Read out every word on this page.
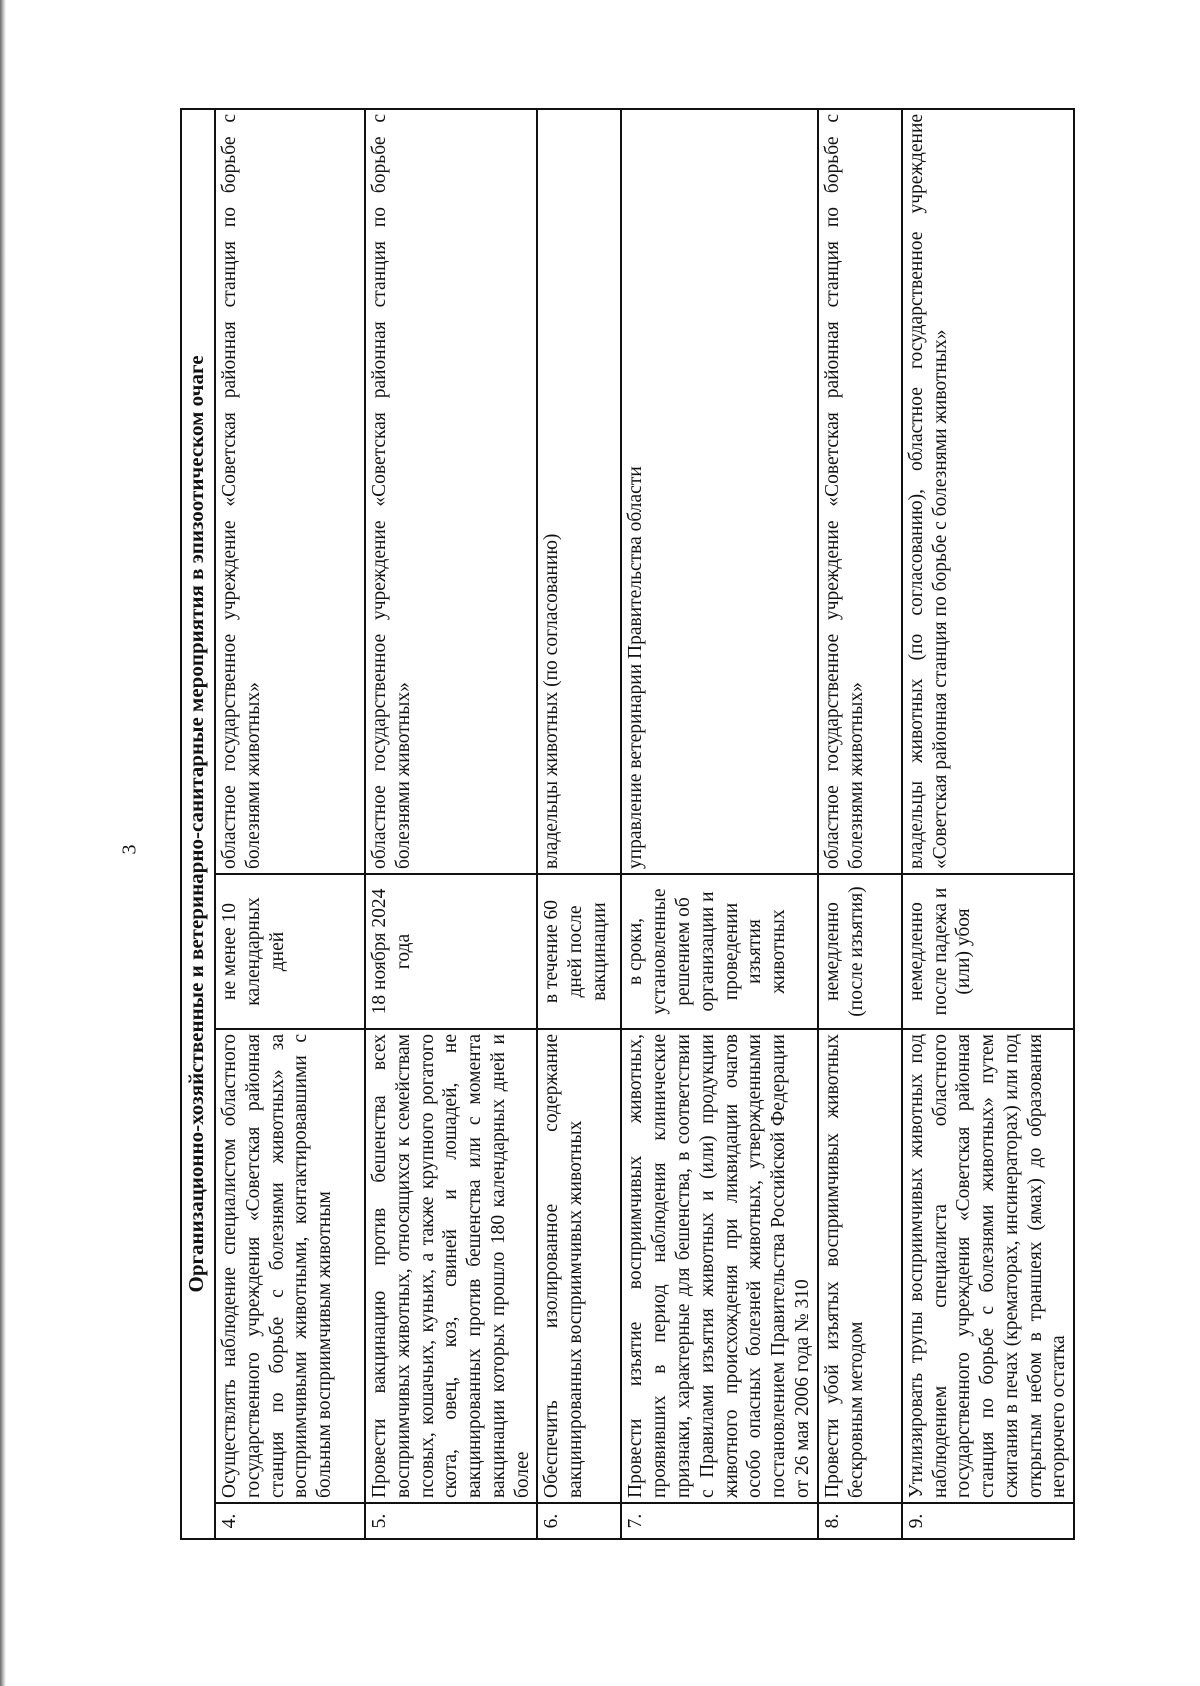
3 Организационно-хозяйственные и ветеринарно-санитарные мероприятия в эпизоотическом очаге			
4.	Осуществлять наблюдение специалистом областного государственного учреждения «Советская районная станция по борьбе с болезнями животных» за восприимчивыми животными, контактировавшими с больным восприимчивым животным	не менее 10 календарных дней	областное государственное учреждение «Советская районная станция по борьбе с болезнями животных»
5.	Провести вакцинацию против бешенства всех восприимчивых животных, относящихся к семействам псовых, кошачьих, куньих, а также крупного рогатого скота, овец, коз, свиней и лошадей, не вакцинированных против бешенства или с момента вакцинации которых прошло 180 календарных дней и более	18 ноября 2024 года	областное государственное учреждение «Советская районная станция по борьбе с болезнями животных»
6.	Обеспечить изолированное содержание вакцинированных восприимчивых животных	в течение 60 дней после вакцинации	владельцы животных (по согласованию)
7.	Провести изъятие восприимчивых животных, проявивших в период наблюдения клинические признаки, характерные для бешенства, в соответствии с Правилами изъятия животных и (или) продукции животного происхождения при ликвидации очагов особо опасных болезней животных, утвержденными постановлением Правительства Российской Федерации от 26 мая 2006 года № 310	в сроки, установленные решением об организации и проведении изъятия животных	управление ветеринарии Правительства области
8.	Провести убой изъятых восприимчивых животных бескровным методом	немедленно (после изъятия)	областное государственное учреждение «Советская районная станция по борьбе с болезнями животных»
9.	Утилизировать трупы восприимчивых животных под наблюдением специалиста областного государственного учреждения «Советская районная станция по борьбе с болезнями животных» путем сжигания в печах (крематорах, инсинераторах) или под открытым небом в траншеях (ямах) до образования негорючего остатка	немедленно после падежа и (или) убоя	владельцы животных (по согласованию), областное государственное учреждение «Советская районная станция по борьбе с болезнями животных»
